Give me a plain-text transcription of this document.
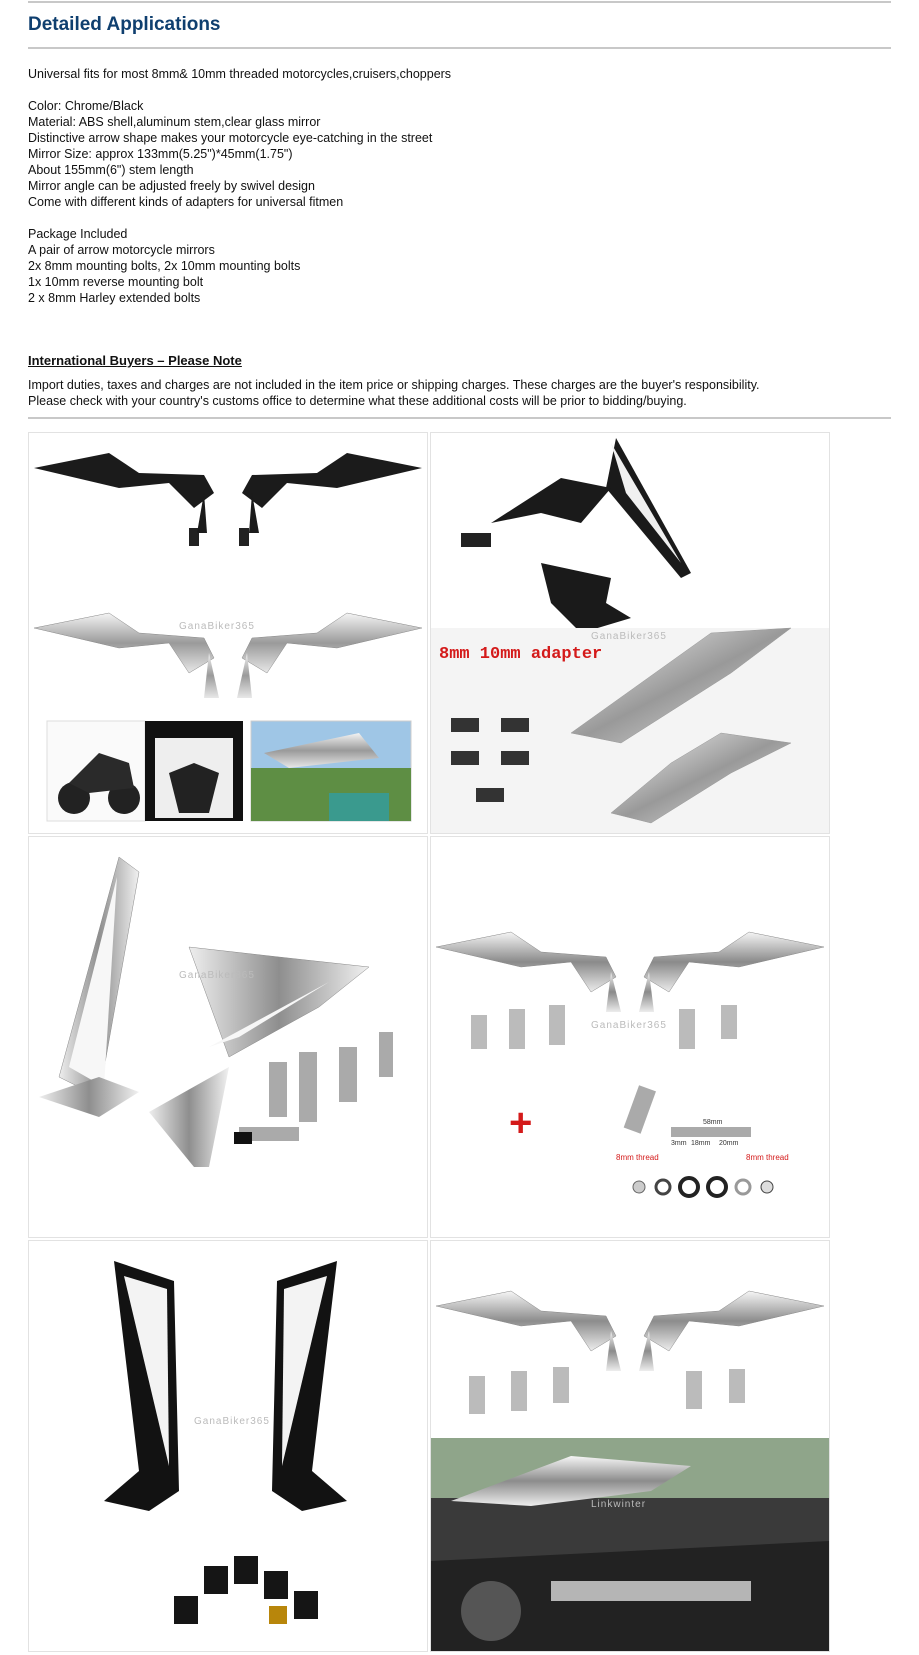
Detailed Applications
Universal fits for most 8mm& 10mm threaded motorcycles,cruisers,choppers
Color: Chrome/Black
Material: ABS shell,aluminum stem,clear glass mirror
Distinctive arrow shape makes your motorcycle eye-catching in the street
Mirror Size: approx 133mm(5.25")*45mm(1.75")
About 155mm(6") stem length
Mirror angle can be adjusted freely by swivel design
Come with different kinds of adapters for universal fitmen
Package Included
A pair of arrow motorcycle mirrors
2x 8mm mounting bolts, 2x 10mm mounting bolts
1x 10mm reverse mounting bolt
2 x 8mm Harley extended bolts
International Buyers – Please Note
Import duties, taxes and charges are not included in the item price or shipping charges. These charges are the buyer's responsibility.
Please check with your country's customs office to determine what these additional costs will be prior to bidding/buying.
GanaBiker365
8mm 10mm adapter
GanaBiker365
GanaBiker365
+	58mm
3mm 18mm 20mm
8mm thread	8mm thread
GanaBiker365
GanaBiker365
Linkwinter
